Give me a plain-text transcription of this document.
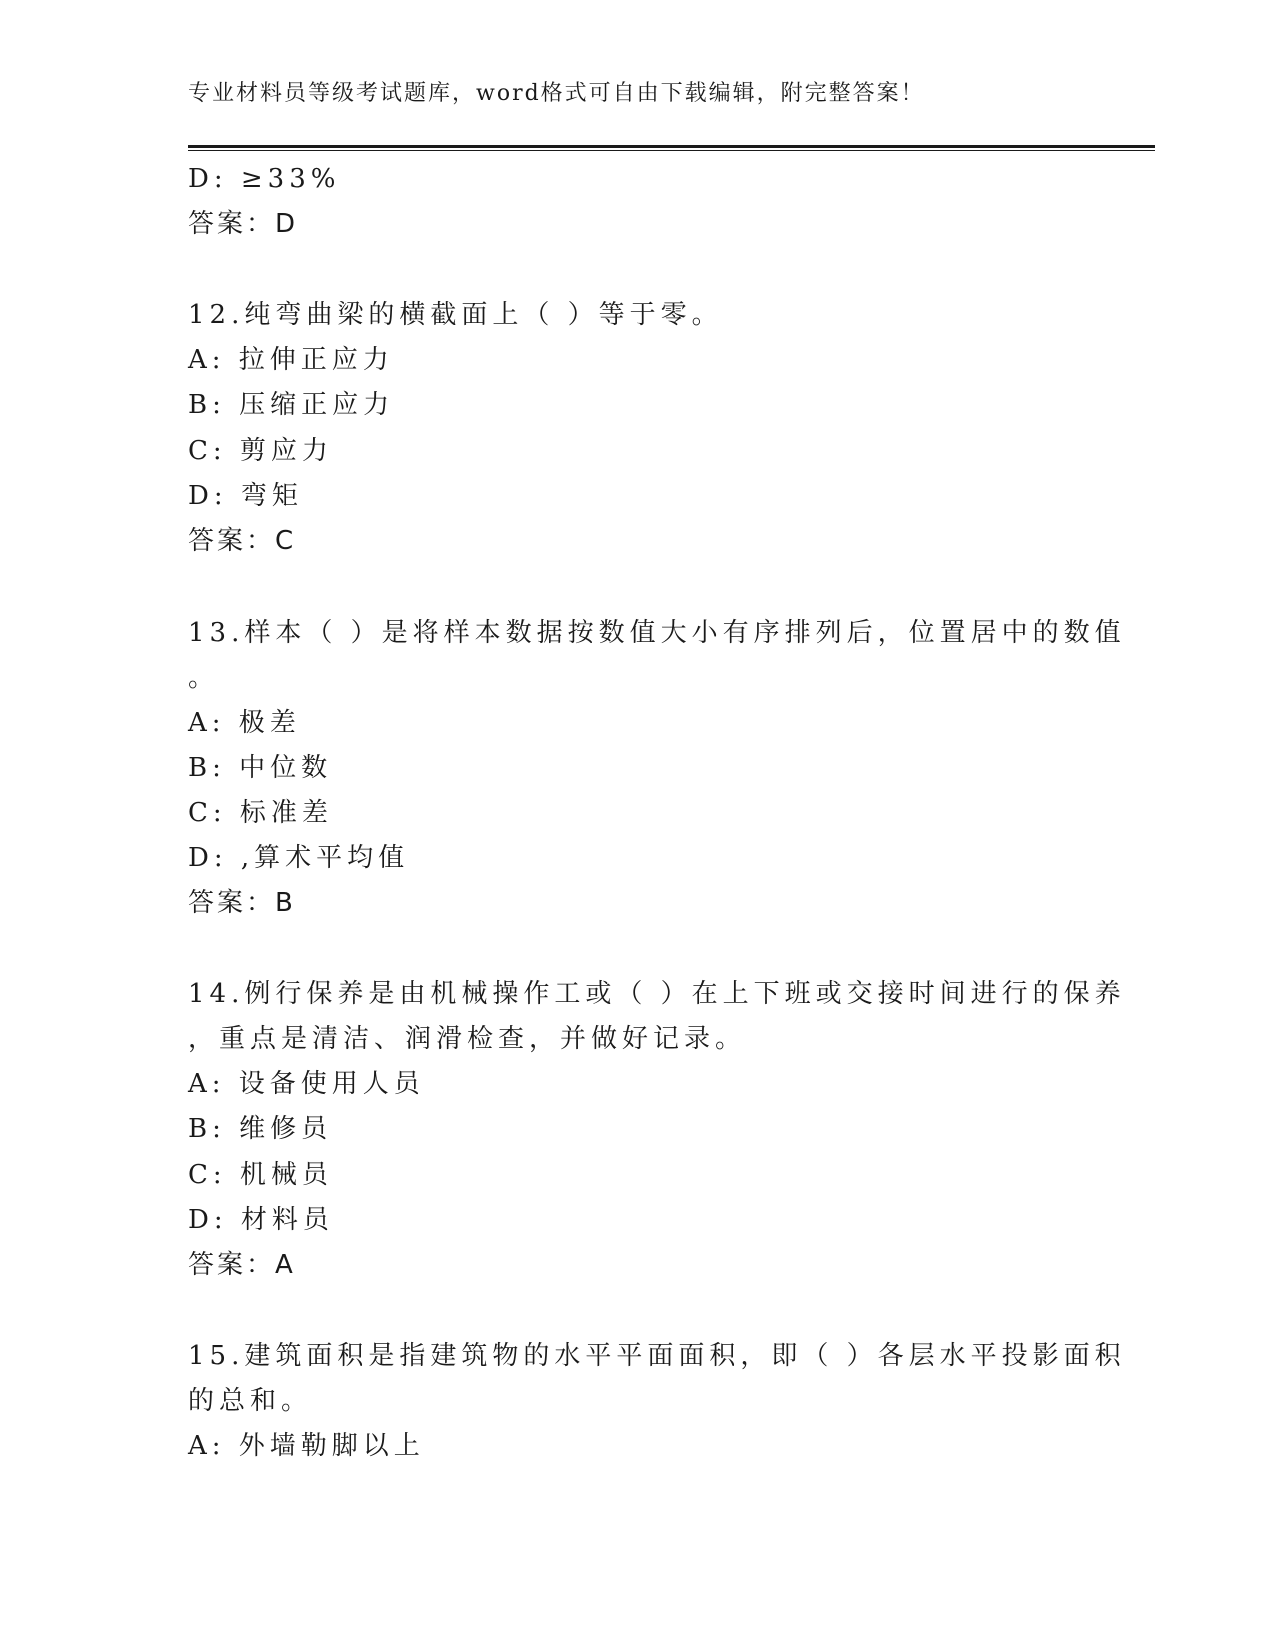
专业材料员等级考试题库，word格式可自由下载编辑，附完整答案！
D: ≥33%
答案：D
12.纯弯曲梁的横截面上（ ）等于零。
A: 拉伸正应力
B: 压缩正应力
C: 剪应力
D: 弯矩
答案：C
13.样本（ ）是将样本数据按数值大小有序排列后，位置居中的数值
。
A: 极差
B: 中位数
C: 标准差
D: ,算术平均值
答案：B
14.例行保养是由机械操作工或（ ）在上下班或交接时间进行的保养
，重点是清洁、润滑检查，并做好记录。
A: 设备使用人员
B: 维修员
C: 机械员
D: 材料员
答案：A
15.建筑面积是指建筑物的水平平面面积，即（ ）各层水平投影面积
的总和。
A: 外墙勒脚以上
